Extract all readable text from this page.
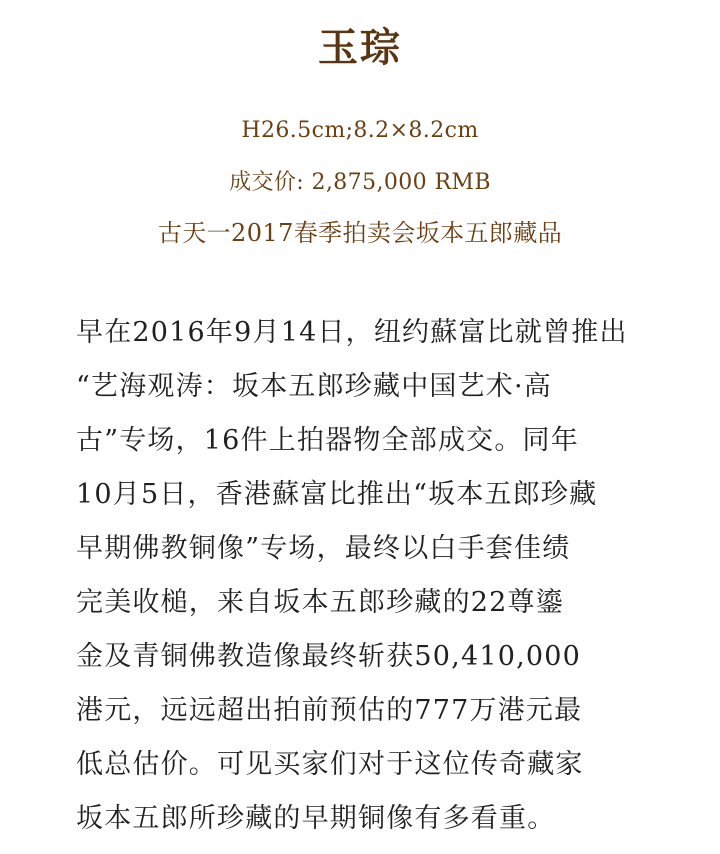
玉琮
H26.5cm;8.2×8.2cm
成交价: 2,875,000 RMB
古天一2017春季拍卖会坂本五郎藏品
早在2016年9月14日，纽约蘇富比就曾推出
“艺海观涛：坂本五郎珍藏中国艺术·高
古”专场，16件上拍器物全部成交。同年
10月5日，香港蘇富比推出“坂本五郎珍藏
早期佛教铜像”专场，最终以白手套佳绩
完美收槌，来自坂本五郎珍藏的22尊鎏
金及青铜佛教造像最终斩获50,410,000
港元，远远超出拍前预估的777万港元最
低总估价。可见买家们对于这位传奇藏家
坂本五郎所珍藏的早期铜像有多看重。
